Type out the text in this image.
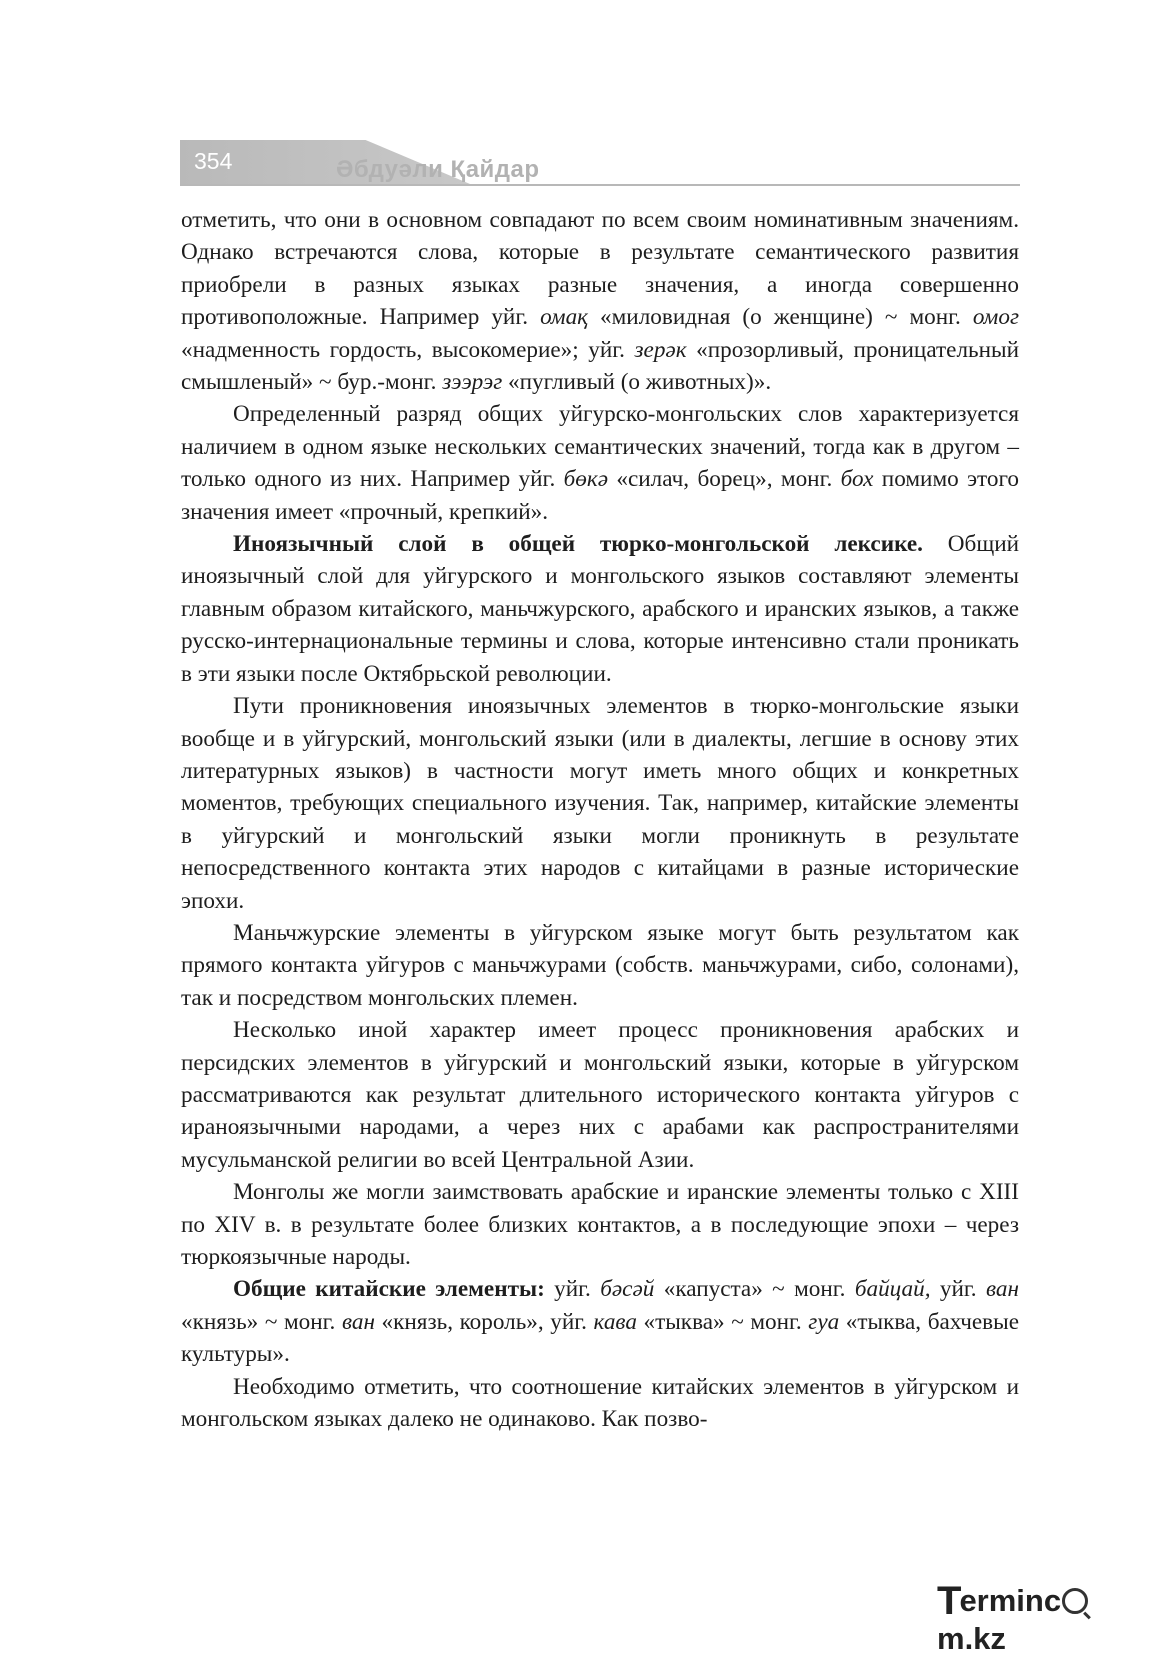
354	Әбдуәли Қайдар

отметить, что они в основном совпадают по всем своим номинативным значениям. Однако встречаются слова, которые в результате семантического развития приобрели в разных языках разные значения, а иногда совершенно противоположные. Например уйг. омақ «миловидная (о женщине) ~ монг. омог «надменность гордость, высокомерие»; уйг. зерәк «прозорливый, проницательный смышленый» ~ бур.-монг. зээрэг «пугливый (о животных)».

Определенный разряд общих уйгурско-монгольских слов характеризуется наличием в одном языке нескольких семантических значений, тогда как в другом – только одного из них. Например уйг. бөкә «силач, борец», монг. бох помимо этого значения имеет «прочный, крепкий».

Иноязычный слой в общей тюрко-монгольской лексике. Общий иноязычный слой для уйгурского и монгольского языков составляют элементы главным образом китайского, маньчжурского, арабского и иранских языков, а также русско-интернациональные термины и слова, которые интенсивно стали проникать в эти языки после Октябрьской революции.

Пути проникновения иноязычных элементов в тюрко-монгольские языки вообще и в уйгурский, монгольский языки (или в диалекты, легшие в основу этих литературных языков) в частности могут иметь много общих и конкретных моментов, требующих специального изучения. Так, например, китайские элементы в уйгурский и монгольский языки могли проникнуть в результате непосредственного контакта этих народов с китайцами в разные исторические эпохи.

Маньчжурские элементы в уйгурском языке могут быть результатом как прямого контакта уйгуров с маньчжурами (собств. маньчжурами, сибо, солонами), так и посредством монгольских племен.

Несколько иной характер имеет процесс проникновения арабских и персидских элементов в уйгурский и монгольский языки, которые в уйгурском рассматриваются как результат длительного исторического контакта уйгуров с ираноязычными народами, а через них с арабами как распространителями мусульманской религии во всей Центральной Азии.

Монголы же могли заимствовать арабские и иранские элементы только с XIII по XIV в. в результате более близких контактов, а в последующие эпохи – через тюркоязычные народы.

Общие китайские элементы: уйг. бәсәй «капуста» ~ монг. байцай, уйг. ван «князь» ~ монг. ван «князь, король», уйг. кава «тыква» ~ монг. гуа «тыква, бахчевые культуры».

Необходимо отметить, что соотношение китайских элементов в уйгурском и монгольском языках далеко не одинаково. Как позво-

Termincm.kz
